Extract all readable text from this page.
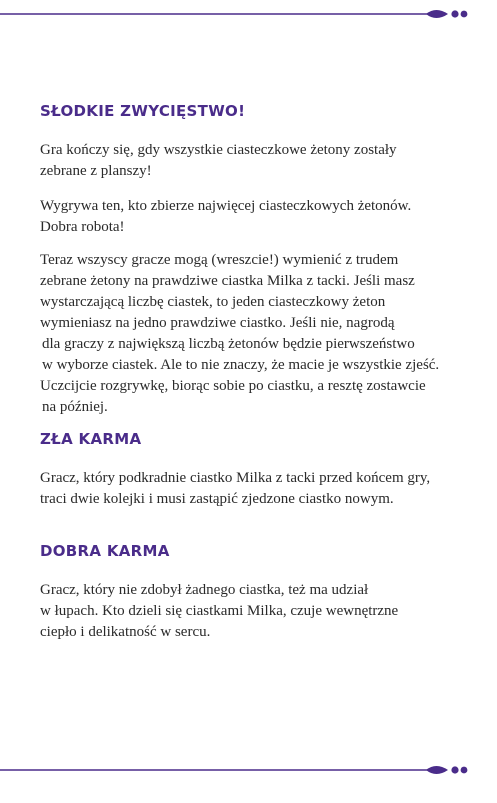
SŁODKIE ZWYCIĘSTWO!

Gra kończy się, gdy wszystkie ciasteczkowe żetony zostały
zebrane z planszy!

Wygrywa ten, kto zbierze najwięcej ciasteczkowych żetonów.
Dobra robota!

Teraz wszyscy gracze mogą (wreszcie!) wymienić z trudem
zebrane żetony na prawdziwe ciastka Milka z tacki. Jeśli masz
wystarczającą liczbę ciastek, to jeden ciasteczkowy żeton
wymieniasz na jedno prawdziwe ciastko. Jeśli nie, nagrodą
dla graczy z największą liczbą żetonów będzie pierwszeństwo
w wyborze ciastek. Ale to nie znaczy, że macie je wszystkie zjeść.
Uczcijcie rozgrywkę, biorąc sobie po ciastku, a resztę zostawcie
na później.

ZŁA KARMA

Gracz, który podkradnie ciastko Milka z tacki przed końcem gry,
traci dwie kolejki i musi zastąpić zjedzone ciastko nowym.

DOBRA KARMA

Gracz, który nie zdobył żadnego ciastka, też ma udział
w łupach. Kto dzieli się ciastkami Milka, czuje wewnętrzne
ciepło i delikatność w sercu.
